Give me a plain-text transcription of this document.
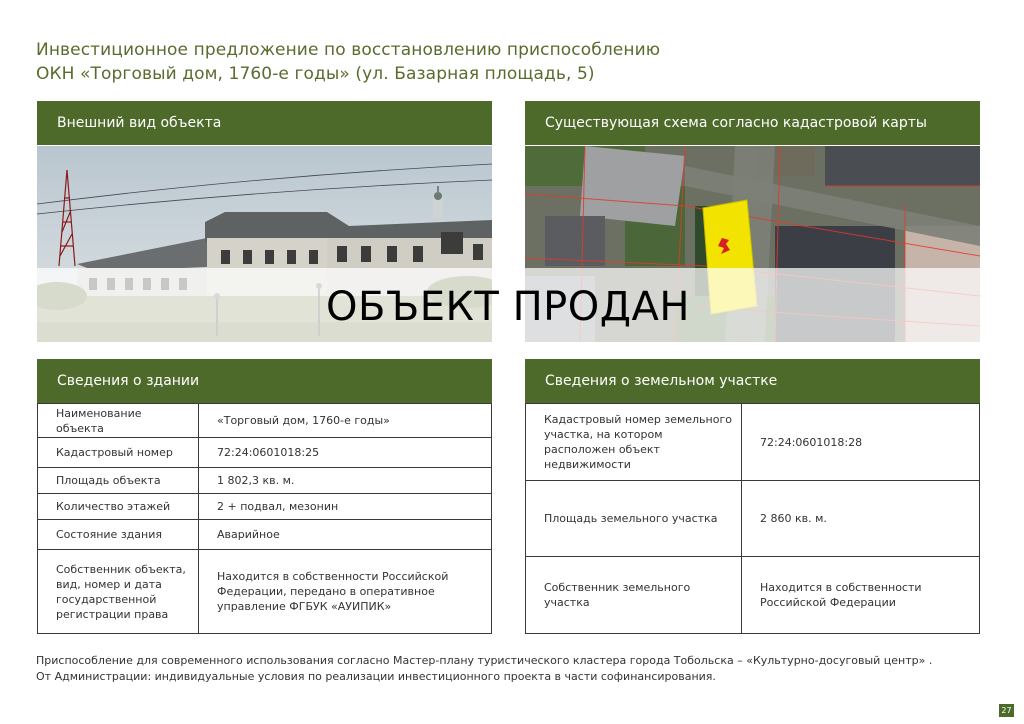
Инвестиционное предложение по восстановлению приспособлению
ОКН «Торговый дом, 1760-е годы» (ул. Базарная площадь, 5)
Внешний вид объекта	Существующая схема согласно кадастровой карты
ОБЪЕКТ ПРОДАН
Сведения о здании	Сведения о земельном участке
Наименование объекта	«Торговый дом, 1760-е годы»
Кадастровый номер	72:24:0601018:25
Площадь объекта	1 802,3 кв. м.
Количество этажей	2 + подвал, мезонин
Состояние здания	Аварийное
Собственник объекта, вид, номер и дата государственной регистрации права	Находится в собственности Российской Федерации, передано в оперативное управление ФГБУК «АУИПИК»
Кадастровый номер земельного участка, на котором расположен объект недвижимости	72:24:0601018:28
Площадь земельного участка	2 860 кв. м.
Собственник земельного участка	Находится в собственности Российской Федерации
Приспособление для современного использования согласно Мастер-плану туристического кластера города Тобольска – «Культурно-досуговый центр» .
От Администрации: индивидуальные условия по реализации инвестиционного проекта в части софинансирования.
27
